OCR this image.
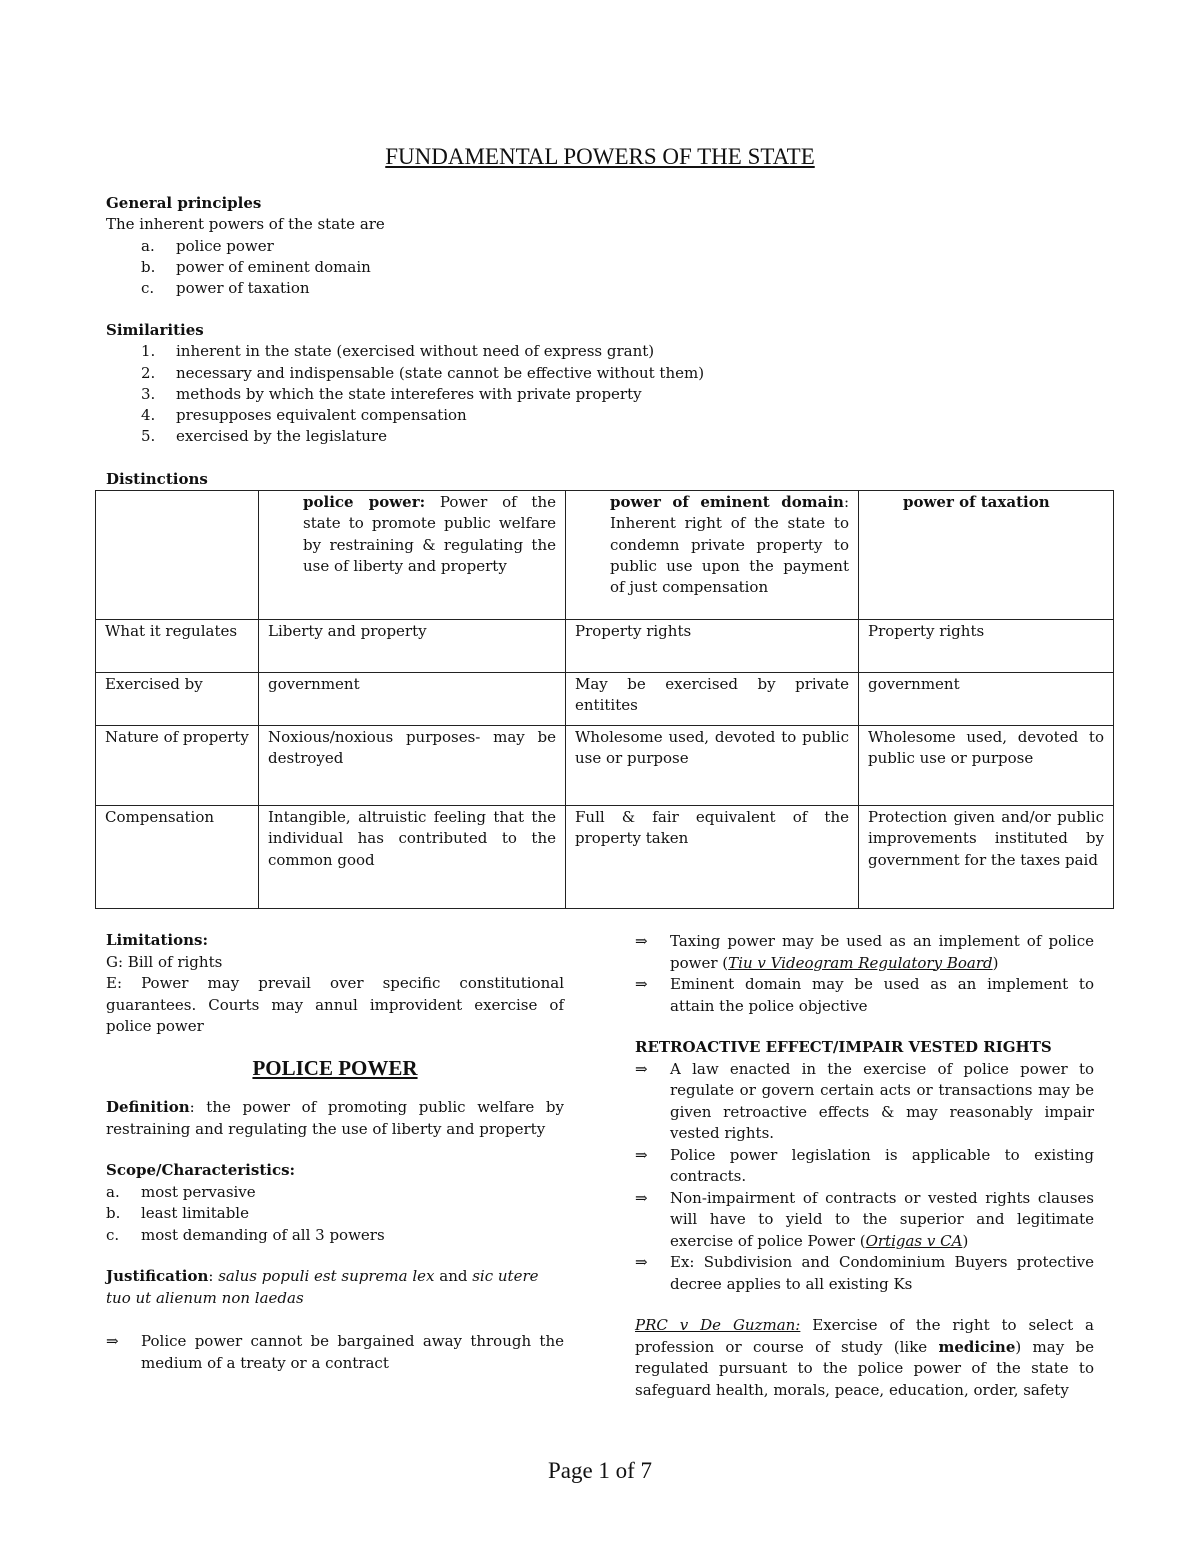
FUNDAMENTAL POWERS OF THE STATE
General principles
The inherent powers of the state are
a. police power
b. power of eminent domain
c. power of taxation
Similarities
1. inherent in the state (exercised without need of express grant)
2. necessary and indispensable (state cannot be effective without them)
3. methods by which the state intereferes with private property
4. presupposes equivalent compensation
5. exercised by the legislature
Distinctions
	police power: Power of the state to promote public welfare by restraining & regulating the use of liberty and property	power of eminent domain: Inherent right of the state to condemn private property to public use upon the payment of just compensation	power of taxation
What it regulates	Liberty and property	Property rights	Property rights
Exercised by	government	May be exercised by private entitites	government
Nature of property	Noxious/noxious purposes- may be destroyed	Wholesome used, devoted to public use or purpose	Wholesome used, devoted to public use or purpose
Compensation	Intangible, altruistic feeling that the individual has contributed to the common good	Full & fair equivalent of the property taken	Protection given and/or public improvements instituted by government for the taxes paid

Limitations:

G: Bill of rights

E: Power may prevail over specific constitutional guarantees. Courts may annul improvident exercise of police power

POLICE POWER

Definition: the power of promoting public welfare by restraining and regulating the use of liberty and property

Scope/Characteristics:

a. most pervasive
b. least limitable
c. most demanding of all 3 powers

Justification: salus populi est suprema lex and sic utere tuo ut alienum non laedas

⇒ Police power cannot be bargained away through the medium of a treaty or a contract

⇒ Taxing power may be used as an implement of police power (Tiu v Videogram Regulatory Board)

⇒ Eminent domain may be used as an implement to attain the police objective

RETROACTIVE EFFECT/IMPAIR VESTED RIGHTS

⇒ A law enacted in the exercise of police power to regulate or govern certain acts or transactions may be given retroactive effects & may reasonably impair vested rights.

⇒ Police power legislation is applicable to existing contracts.

⇒ Non-impairment of contracts or vested rights clauses will have to yield to the superior and legitimate exercise of police Power (Ortigas v CA)

⇒ Ex: Subdivision and Condominium Buyers protective decree applies to all existing Ks

PRC v De Guzman: Exercise of the right to select a profession or course of study (like medicine) may be regulated pursuant to the police power of the state to safeguard health, morals, peace, education, order, safety

Page 1 of 7
